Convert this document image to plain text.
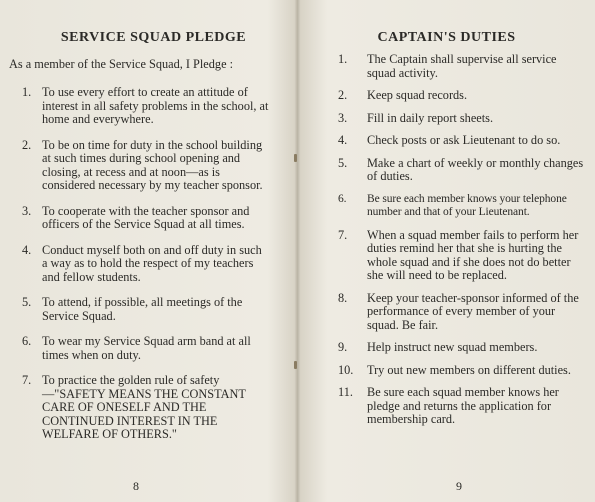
SERVICE SQUAD PLEDGE
As a member of the Service Squad, I Pledge :
1. To use every effort to create an attitude of interest in all safety problems in the school, at home and everywhere.
2. To be on time for duty in the school building at such times during school opening and closing, at recess and at noon—as is considered necessary by my teacher sponsor.
3. To cooperate with the teacher sponsor and officers of the Service Squad at all times.
4. Conduct myself both on and off duty in such a way as to hold the respect of my teachers and fellow students.
5. To attend, if possible, all meetings of the Service Squad.
6. To wear my Service Squad arm band at all times when on duty.
7. To practice the golden rule of safety—"SAFETY MEANS THE CONSTANT CARE OF ONESELF AND THE CONTINUED INTEREST IN THE WELFARE OF OTHERS."
8
CAPTAIN'S DUTIES
1. The Captain shall supervise all service squad activity.
2. Keep squad records.
3. Fill in daily report sheets.
4. Check posts or ask Lieutenant to do so.
5. Make a chart of weekly or monthly changes of duties.
6. Be sure each member knows your telephone number and that of your Lieutenant.
7. When a squad member fails to perform her duties remind her that she is hurting the whole squad and if she does not do better she will need to be replaced.
8. Keep your teacher-sponsor informed of the performance of every member of your squad. Be fair.
9. Help instruct new squad members.
10. Try out new members on different duties.
11. Be sure each squad member knows her pledge and returns the application for membership card.
9
